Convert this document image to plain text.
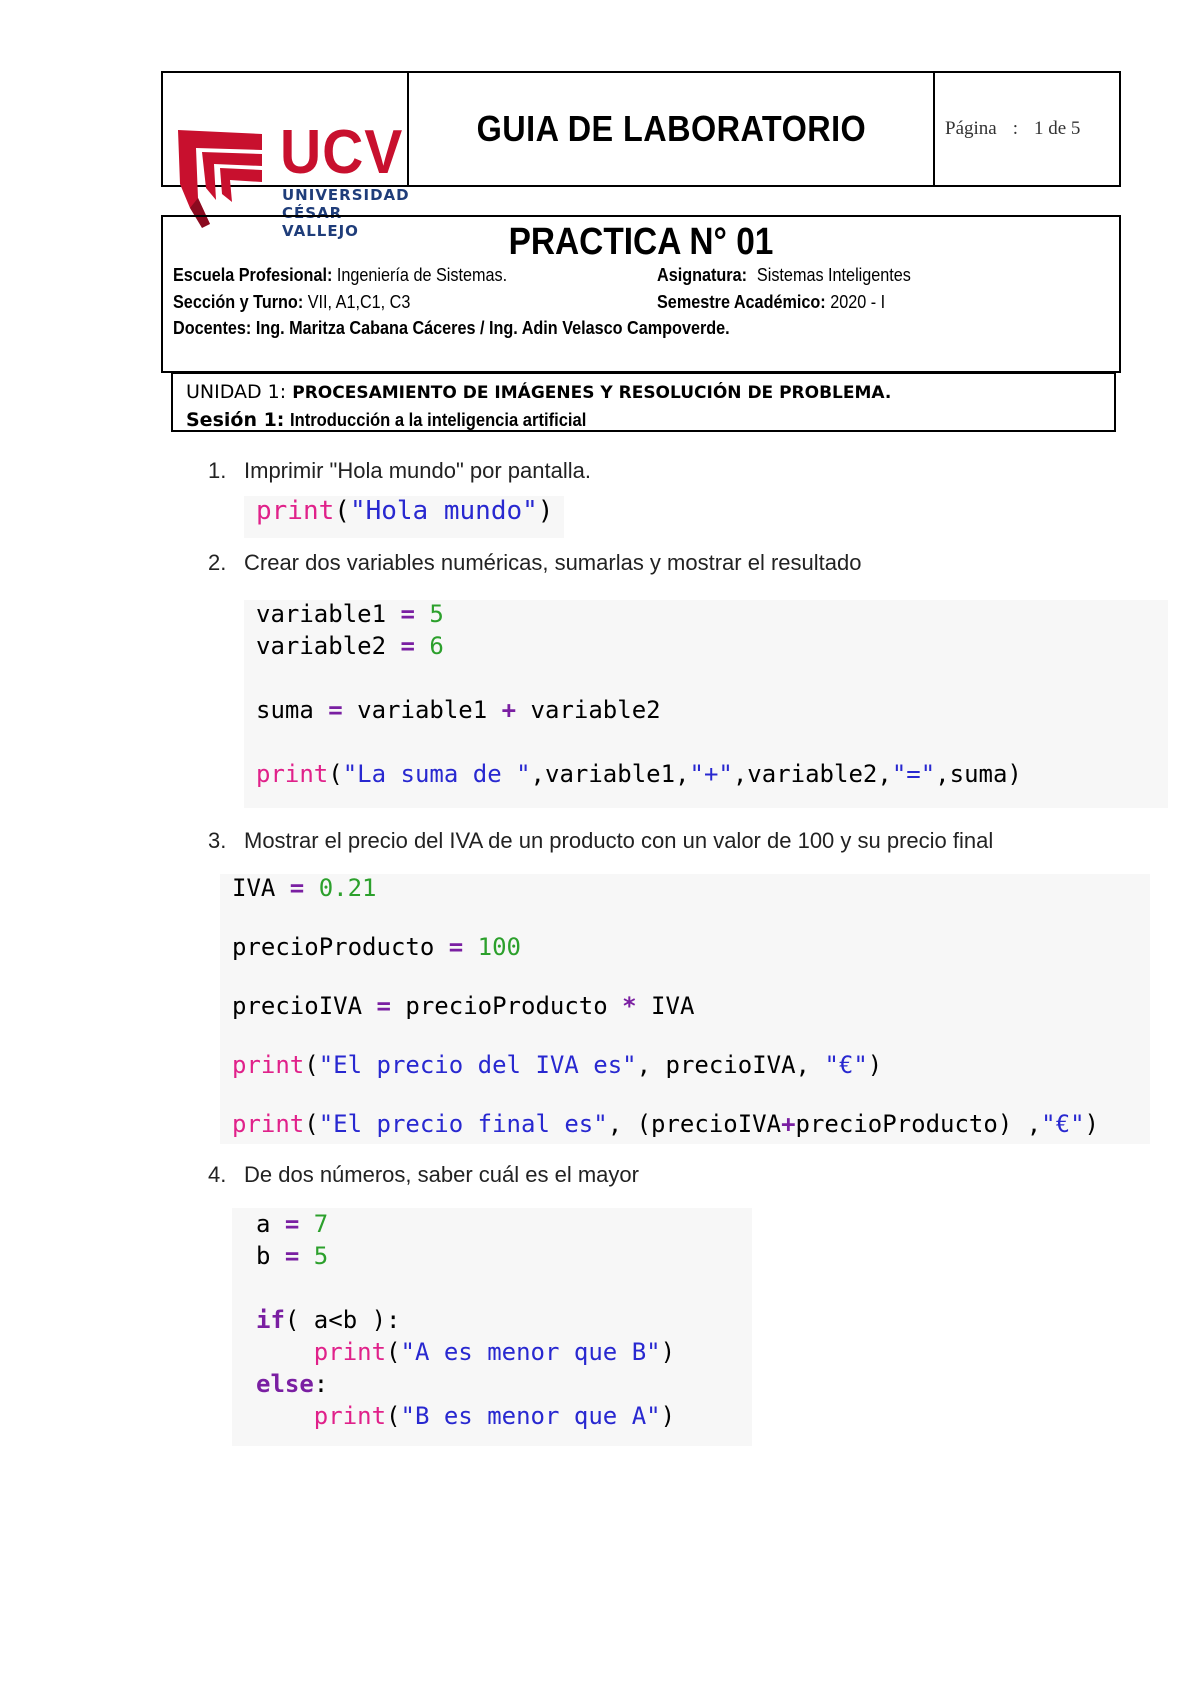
GUIA DE LABORATORIO	Página : 1 de 5
UCV
UNIVERSIDAD
CÉSAR VALLEJO	PRACTICA N° 01
Escuela Profesional: Ingeniería de Sistemas.	Asignatura: Sistemas Inteligentes
Sección y Turno: VII, A1,C1, C3	Semestre Académico: 2020 - I
Docentes: Ing. Maritza Cabana Cáceres / Ing. Adin Velasco Campoverde.
UNIDAD 1: PROCESAMIENTO DE IMÁGENES Y RESOLUCIÓN DE PROBLEMA.
Sesión 1: Introducción a la inteligencia artificial
1. Imprimir "Hola mundo" por pantalla.

print("Hola mundo")

2. Crear dos variables numéricas, sumarlas y mostrar el resultado

variable1 = 5

variable2 = 6

suma = variable1 + variable2

print("La suma de ",variable1,"+",variable2,"=",suma)

3. Mostrar el precio del IVA de un producto con un valor de 100 y su precio final

IVA = 0.21

precioProducto = 100

precioIVA = precioProducto * IVA

print("El precio del IVA es", precioIVA, "€")

print("El precio final es", (precioIVA+precioProducto) ,"€")

4. De dos números, saber cuál es el mayor

a = 7

b = 5

if( a<b ):

print("A es menor que B")

else:

print("B es menor que A")
